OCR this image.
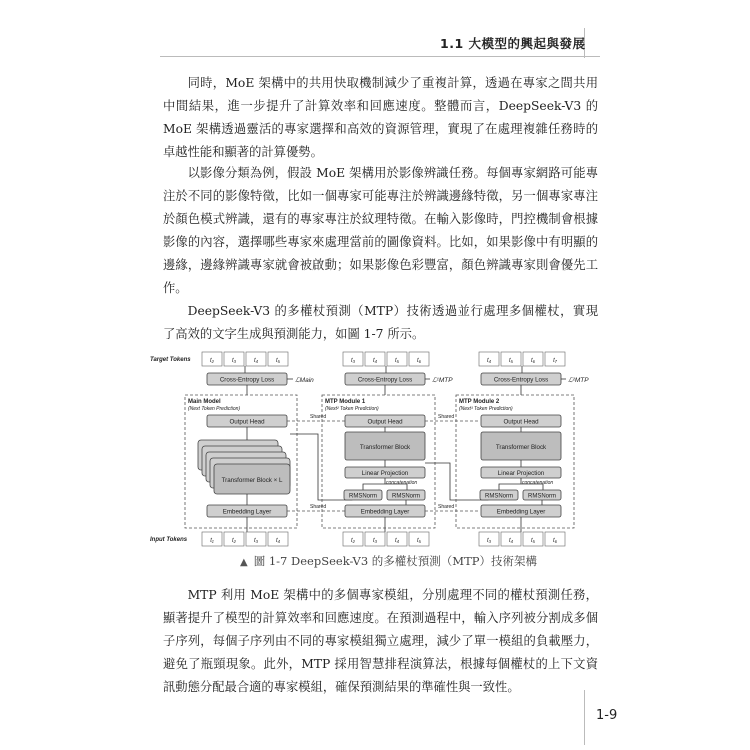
1.1 大模型的興起與發展

同時，MoE 架構中的共用快取機制減少了重複計算，透過在專家之間共用中間結果，進一步提升了計算效率和回應速度。整體而言，DeepSeek-V3 的 MoE 架構透過靈活的專家選擇和高效的資源管理，實現了在處理複雜任務時的卓越性能和顯著的計算優勢。

以影像分類為例，假設 MoE 架構用於影像辨識任務。每個專家網路可能專注於不同的影像特徵，比如一個專家可能專注於辨識邊緣特徵，另一個專家專注於顏色模式辨識，還有的專家專注於紋理特徵。在輸入影像時，門控機制會根據影像的內容，選擇哪些專家來處理當前的圖像資料。比如，如果影像中有明顯的邊緣，邊緣辨識專家就會被啟動；如果影像色彩豐富，顏色辨識專家則會優先工作。

DeepSeek-V3 的多權杖預測（MTP）技術透過並行處理多個權杖，實現了高效的文字生成與預測能力，如圖 1-7 所示。

Target Tokens
Input Tokens
t₂	t₃	t₄	t₅
Cross-Entropy Loss	ℒMain
Main Model
(Next Token Prediction)
Output Head
Transformer Block × L
Embedding Layer
t₁	t₂	t₃	t₄
Shared
Shared
t₃	t₄	t₅	t₆
Cross-Entropy Loss	ℒ¹MTP
MTP Module 1
(Next² Token Prediction)
Output Head
Transformer Block
Linear Projection
concatenation
RMSNorm	RMSNorm
Embedding Layer
t₂	t₃	t₄	t₅
Shared
Shared
t₄	t₅	t₆	t₇
Cross-Entropy Loss	ℒ²MTP
MTP Module 2
(Next³ Token Prediction)
Output Head
Transformer Block
Linear Projection
concatenation
RMSNorm	RMSNorm
Embedding Layer
t₃	t₄	t₅	t₆
▲ 圖 1-7 DeepSeek-V3 的多權杖預測（MTP）技術架構

MTP 利用 MoE 架構中的多個專家模組，分別處理不同的權杖預測任務，顯著提升了模型的計算效率和回應速度。在預測過程中，輸入序列被分割成多個子序列，每個子序列由不同的專家模組獨立處理，減少了單一模組的負載壓力，避免了瓶頸現象。此外，MTP 採用智慧排程演算法，根據每個權杖的上下文資訊動態分配最合適的專家模組，確保預測結果的準確性與一致性。

1-9
